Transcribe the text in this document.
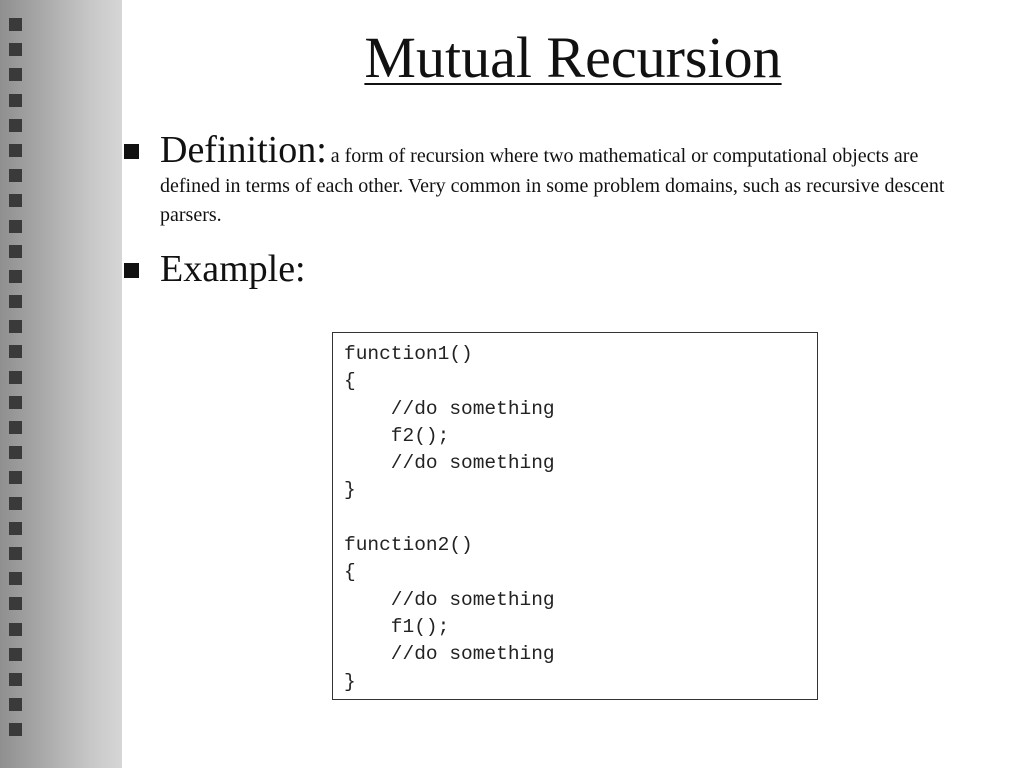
Mutual Recursion
Definition: a form of recursion where two mathematical or computational objects are defined in terms of each other. Very common in some problem domains, such as recursive descent parsers.
Example:
function1()
{
//do something
f2();
//do something
}
function2()
{
//do something
f1();
//do something
}
